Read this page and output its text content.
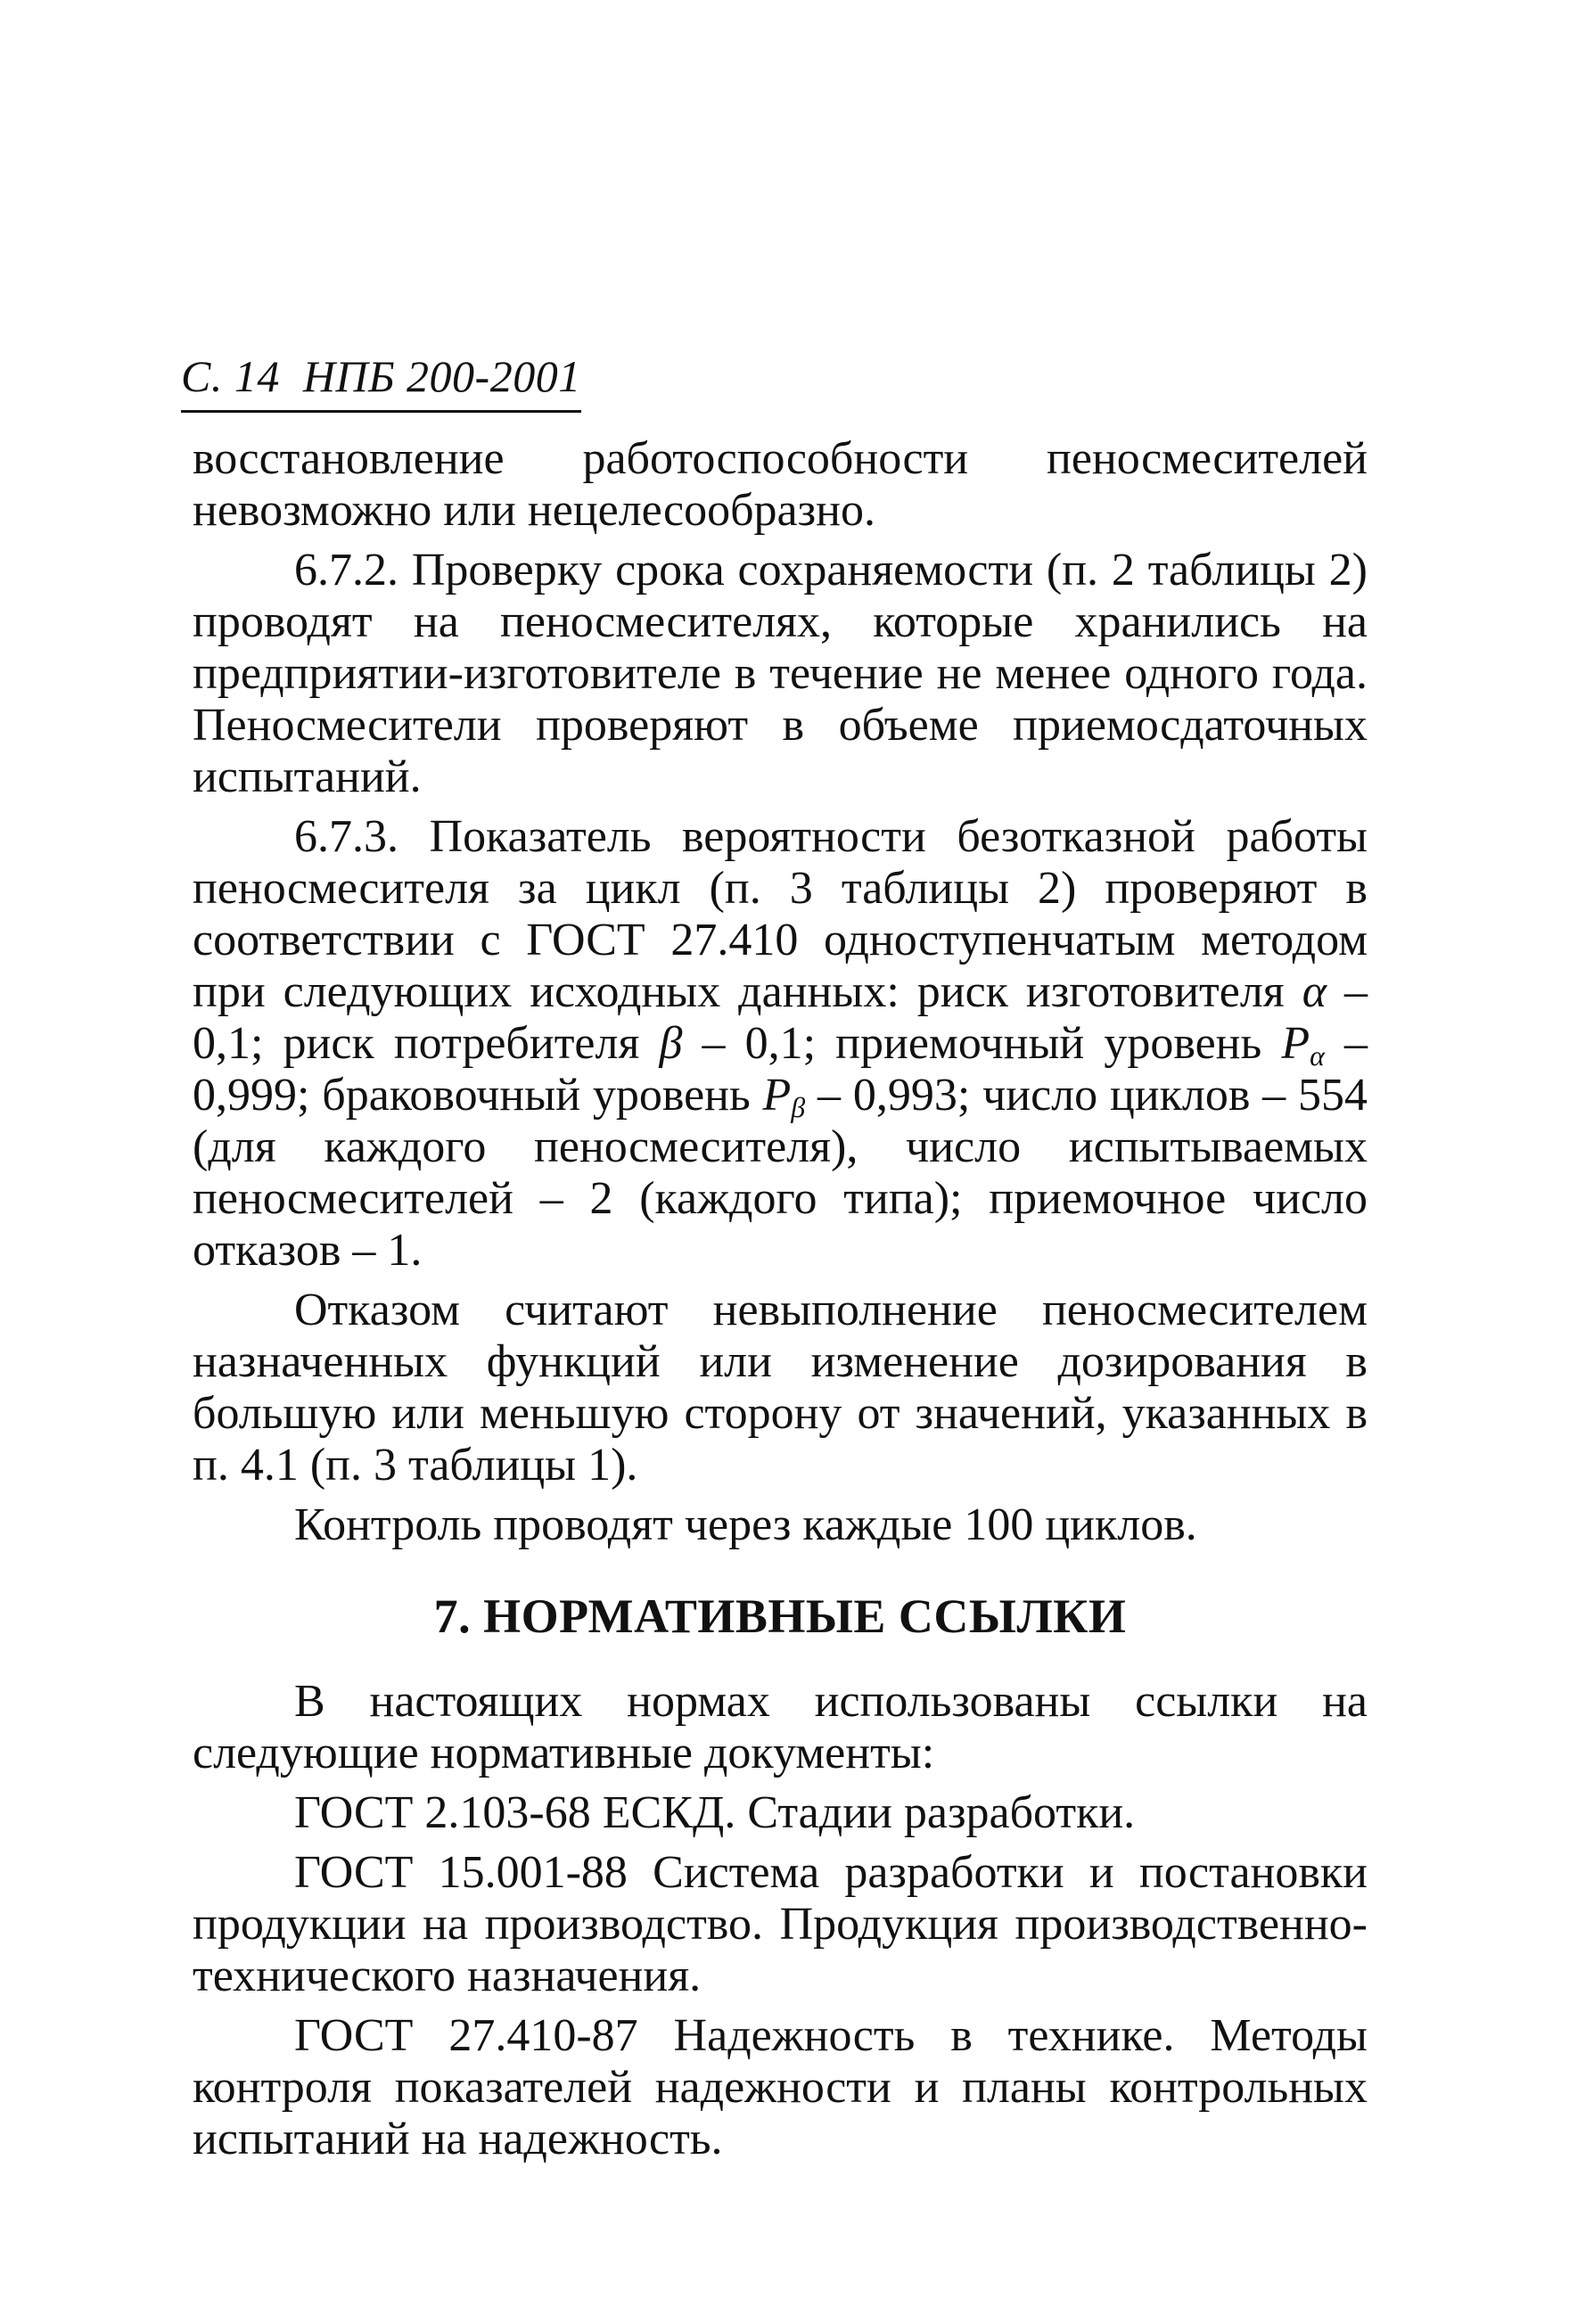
С. 14  НПБ 200-2001

восстановление работоспособности пеносмесителей невозможно или нецелесообразно.

6.7.2. Проверку срока сохраняемости (п. 2 таблицы 2) проводят на пеносмесителях, которые хранились на предприятии-изготовителе в течение не менее одного года. Пеносмесители проверяют в объеме приемосдаточных испытаний.

6.7.3. Показатель вероятности безотказной работы пеносмесителя за цикл (п. 3 таблицы 2) проверяют в соответствии с ГОСТ 27.410 одноступенчатым методом при следующих исходных данных: риск изготовителя α – 0,1; риск потребителя β – 0,1; приемочный уровень $P_\alpha - 0,999$; браковочный уровень $P_\beta - 0,993$; число циклов – 554 (для каждого пеносмесителя), число испытываемых пеносмесителей – 2 (каждого типа); приемочное число отказов – 1.

Отказом считают невыполнение пеносмесителем назначенных функций или изменение дозирования в большую или меньшую сторону от значений, указанных в п. 4.1 (п. 3 таблицы 1).

Контроль проводят через каждые 100 циклов.

7. НОРМАТИВНЫЕ ССЫЛКИ

В настоящих нормах использованы ссылки на следующие нормативные документы:

ГОСТ 2.103-68 ЕСКД. Стадии разработки.

ГОСТ 15.001-88 Система разработки и постановки продукции на производство. Продукция производственно-технического назначения.

ГОСТ 27.410-87 Надежность в технике. Методы контроля показателей надежности и планы контрольных испытаний на надежность.
